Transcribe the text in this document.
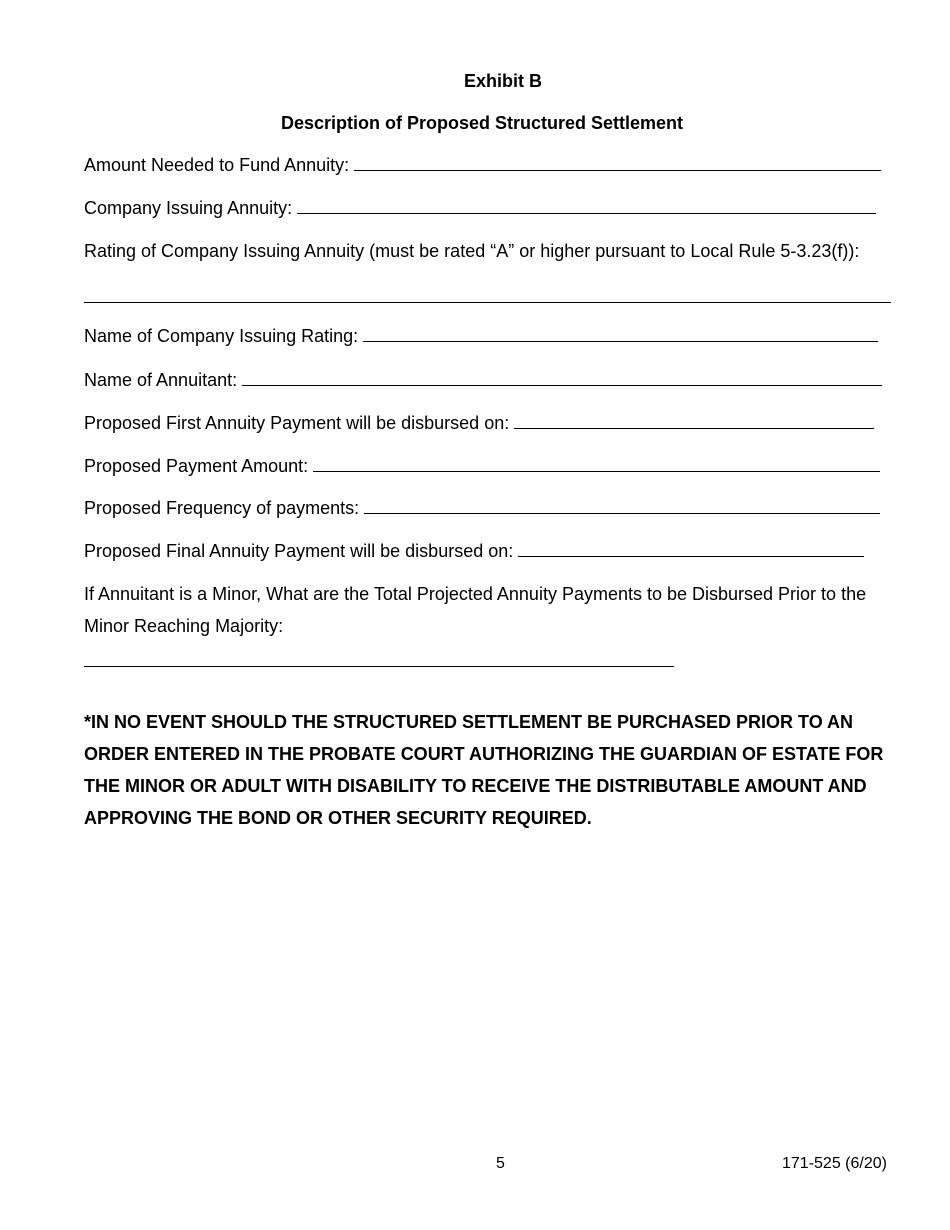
Exhibit B
Description of Proposed Structured Settlement
Amount Needed to Fund Annuity:
Company Issuing Annuity:
Rating of Company Issuing Annuity (must be rated “A” or higher pursuant to Local Rule 5-3.23(f)):
Name of Company Issuing Rating:
Name of Annuitant:
Proposed First Annuity Payment will be disbursed on:
Proposed Payment Amount:
Proposed Frequency of payments:
Proposed Final Annuity Payment will be disbursed on:
If Annuitant is a Minor, What are the Total Projected Annuity Payments to be Disbursed Prior to the Minor Reaching Majority:
*IN NO EVENT SHOULD THE STRUCTURED SETTLEMENT BE PURCHASED PRIOR TO AN ORDER ENTERED IN THE PROBATE COURT AUTHORIZING THE GUARDIAN OF ESTATE FOR THE MINOR OR ADULT WITH DISABILITY TO RECEIVE THE DISTRIBUTABLE AMOUNT AND APPROVING THE BOND OR OTHER SECURITY REQUIRED.
5	171-525 (6/20)
